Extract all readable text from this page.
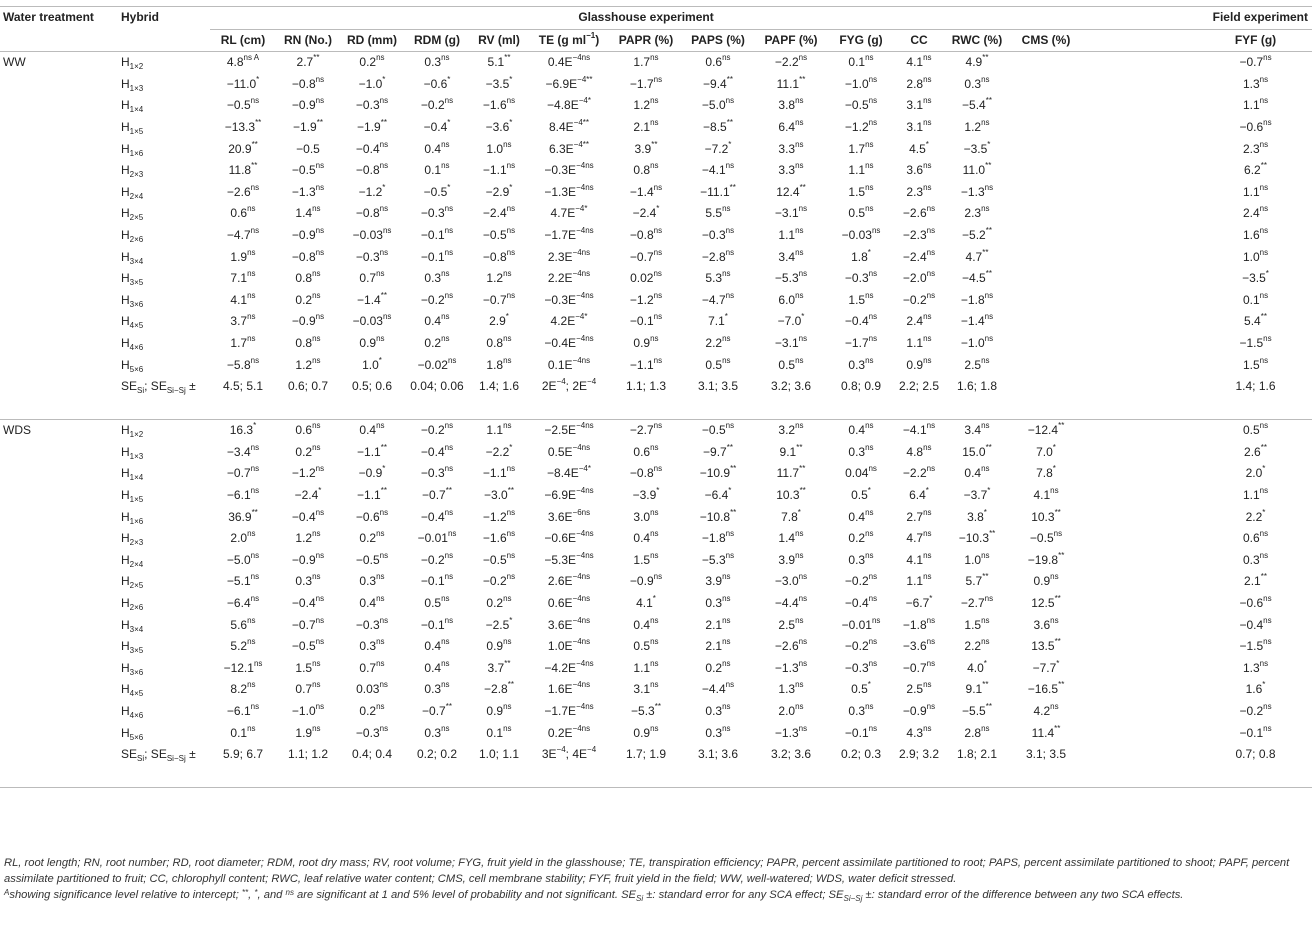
Water treatment	Hybrid	Glasshouse experiment													Field experiment
		RL (cm)	RN (No.)	RD (mm)	RDM (g)	RV (ml)	TE (g $ml^{-1}$)	PAPR (%)	PAPS (%)	PAPF (%)	FYG (g)	CC	RWC (%)	CMS (%)	FYF (g)
WW	$H_{1\times 2}$	$4.8^{ns A}$	2.7**	$0.2^{ns}$	$0.3^{ns}$	5.1**	$0.4E^{-4ns}$	$1.7^{ns}$	$0.6^{ns}$	$-2.2^{ns}$	$0.1^{ns}$	$4.1^{ns}$	4.9**		$-0.7^{ns}$
	$H_{1\times 3}$	−11.0*	$-0.8^{ns}$	−1.0*	−0.6*	−3.5*	$-6.9E^{-4**}$	$-1.7^{ns}$	−9.4**	11.1**	$-1.0^{ns}$	$2.8^{ns}$	$0.3^{ns}$		$1.3^{ns}$
	$H_{1\times 4}$	$-0.5^{ns}$	$-0.9^{ns}$	$-0.3^{ns}$	$-0.2^{ns}$	$-1.6^{ns}$	$-4.8E^{-4*}$	$1.2^{ns}$	$-5.0^{ns}$	$3.8^{ns}$	$-0.5^{ns}$	$3.1^{ns}$	−5.4**		$1.1^{ns}$
	$H_{1\times 5}$	−13.3**	−1.9**	−1.9**	−0.4*	−3.6*	$8.4E^{-4**}$	$2.1^{ns}$	−8.5**	$6.4^{ns}$	$-1.2^{ns}$	$3.1^{ns}$	$1.2^{ns}$		$-0.6^{ns}$
	$H_{1\times 6}$	20.9**	−0.5	$-0.4^{ns}$	$0.4^{ns}$	$1.0^{ns}$	$6.3E^{-4**}$	3.9**	−7.2*	$3.3^{ns}$	$1.7^{ns}$	4.5*	−3.5*		$2.3^{ns}$
	$H_{2\times 3}$	11.8**	$-0.5^{ns}$	$-0.8^{ns}$	$0.1^{ns}$	$-1.1^{ns}$	$-0.3E^{-4ns}$	$0.8^{ns}$	$-4.1^{ns}$	$3.3^{ns}$	$1.1^{ns}$	$3.6^{ns}$	11.0**		6.2**
	$H_{2\times 4}$	$-2.6^{ns}$	$-1.3^{ns}$	−1.2*	−0.5*	−2.9*	$-1.3E^{-4ns}$	$-1.4^{ns}$	−11.1**	12.4**	$1.5^{ns}$	$2.3^{ns}$	$-1.3^{ns}$		$1.1^{ns}$
	$H_{2\times 5}$	$0.6^{ns}$	$1.4^{ns}$	$-0.8^{ns}$	$-0.3^{ns}$	$-2.4^{ns}$	$4.7E^{-4*}$	−2.4*	$5.5^{ns}$	$-3.1^{ns}$	$0.5^{ns}$	$-2.6^{ns}$	$2.3^{ns}$		$2.4^{ns}$
	$H_{2\times 6}$	$-4.7^{ns}$	$-0.9^{ns}$	$-0.03^{ns}$	$-0.1^{ns}$	$-0.5^{ns}$	$-1.7E^{-4ns}$	$-0.8^{ns}$	$-0.3^{ns}$	$1.1^{ns}$	$-0.03^{ns}$	$-2.3^{ns}$	−5.2**		$1.6^{ns}$
	$H_{3\times 4}$	$1.9^{ns}$	$-0.8^{ns}$	$-0.3^{ns}$	$-0.1^{ns}$	$-0.8^{ns}$	$2.3E^{-4ns}$	$-0.7^{ns}$	$-2.8^{ns}$	$3.4^{ns}$	1.8*	$-2.4^{ns}$	4.7**		$1.0^{ns}$
	$H_{3\times 5}$	$7.1^{ns}$	$0.8^{ns}$	$0.7^{ns}$	$0.3^{ns}$	$1.2^{ns}$	$2.2E^{-4ns}$	$0.02^{ns}$	$5.3^{ns}$	$-5.3^{ns}$	$-0.3^{ns}$	$-2.0^{ns}$	−4.5**		−3.5*
	$H_{3\times 6}$	$4.1^{ns}$	$0.2^{ns}$	−1.4**	$-0.2^{ns}$	$-0.7^{ns}$	$-0.3E^{-4ns}$	$-1.2^{ns}$	$-4.7^{ns}$	$6.0^{ns}$	$1.5^{ns}$	$-0.2^{ns}$	$-1.8^{ns}$		$0.1^{ns}$
	$H_{4\times 5}$	$3.7^{ns}$	$-0.9^{ns}$	$-0.03^{ns}$	$0.4^{ns}$	2.9*	$4.2E^{-4*}$	$-0.1^{ns}$	7.1*	−7.0*	$-0.4^{ns}$	$2.4^{ns}$	$-1.4^{ns}$		5.4**
	$H_{4\times 6}$	$1.7^{ns}$	$0.8^{ns}$	$0.9^{ns}$	$0.2^{ns}$	$0.8^{ns}$	$-0.4E^{-4ns}$	$0.9^{ns}$	$2.2^{ns}$	$-3.1^{ns}$	$-1.7^{ns}$	$1.1^{ns}$	$-1.0^{ns}$		$-1.5^{ns}$
	$H_{5\times 6}$	$-5.8^{ns}$	$1.2^{ns}$	1.0*	$-0.02^{ns}$	$1.8^{ns}$	$0.1E^{-4ns}$	$-1.1^{ns}$	$0.5^{ns}$	$0.5^{ns}$	$0.3^{ns}$	$0.9^{ns}$	$2.5^{ns}$		$1.5^{ns}$
	$SE_{Si}$; $SE_{Si-Sj}$ ±	4.5; 5.1	0.6; 0.7	0.5; 0.6	0.04; 0.06	1.4; 1.6	$2E^{-4}$; $2E^{-4}$	1.1; 1.3	3.1; 3.5	3.2; 3.6	0.8; 0.9	2.2; 2.5	1.6; 1.8		1.4; 1.6

WDS	$H_{1\times 2}$	16.3*	$0.6^{ns}$	$0.4^{ns}$	$-0.2^{ns}$	$1.1^{ns}$	$-2.5E^{-4ns}$	$-2.7^{ns}$	$-0.5^{ns}$	$3.2^{ns}$	$0.4^{ns}$	$-4.1^{ns}$	$3.4^{ns}$	−12.4**	$0.5^{ns}$
	$H_{1\times 3}$	$-3.4^{ns}$	$0.2^{ns}$	−1.1**	$-0.4^{ns}$	−2.2*	$0.5E^{-4ns}$	$0.6^{ns}$	−9.7**	9.1**	$0.3^{ns}$	$4.8^{ns}$	15.0**	7.0*	2.6**
	$H_{1\times 4}$	$-0.7^{ns}$	$-1.2^{ns}$	−0.9*	$-0.3^{ns}$	$-1.1^{ns}$	$-8.4E^{-4*}$	$-0.8^{ns}$	−10.9**	11.7**	$0.04^{ns}$	$-2.2^{ns}$	$0.4^{ns}$	7.8*	2.0*
	$H_{1\times 5}$	$-6.1^{ns}$	−2.4*	−1.1**	−0.7**	−3.0**	$-6.9E^{-4ns}$	−3.9*	−6.4*	10.3**	0.5*	6.4*	−3.7*	$4.1^{ns}$	$1.1^{ns}$
	$H_{1\times 6}$	36.9**	$-0.4^{ns}$	$-0.6^{ns}$	$-0.4^{ns}$	$-1.2^{ns}$	$3.6E^{-6ns}$	$3.0^{ns}$	−10.8**	7.8*	$0.4^{ns}$	$2.7^{ns}$	3.8*	10.3**	2.2*
	$H_{2\times 3}$	$2.0^{ns}$	$1.2^{ns}$	$0.2^{ns}$	$-0.01^{ns}$	$-1.6^{ns}$	$-0.6E^{-4ns}$	$0.4^{ns}$	$-1.8^{ns}$	$1.4^{ns}$	$0.2^{ns}$	$4.7^{ns}$	−10.3**	$-0.5^{ns}$	$0.6^{ns}$
	$H_{2\times 4}$	$-5.0^{ns}$	$-0.9^{ns}$	$-0.5^{ns}$	$-0.2^{ns}$	$-0.5^{ns}$	$-5.3E^{-4ns}$	$1.5^{ns}$	$-5.3^{ns}$	$3.9^{ns}$	$0.3^{ns}$	$4.1^{ns}$	$1.0^{ns}$	−19.8**	$0.3^{ns}$
	$H_{2\times 5}$	$-5.1^{ns}$	$0.3^{ns}$	$0.3^{ns}$	$-0.1^{ns}$	$-0.2^{ns}$	$2.6E^{-4ns}$	$-0.9^{ns}$	$3.9^{ns}$	$-3.0^{ns}$	$-0.2^{ns}$	$1.1^{ns}$	5.7**	$0.9^{ns}$	2.1**
	$H_{2\times 6}$	$-6.4^{ns}$	$-0.4^{ns}$	$0.4^{ns}$	$0.5^{ns}$	$0.2^{ns}$	$0.6E^{-4ns}$	4.1*	$0.3^{ns}$	$-4.4^{ns}$	$-0.4^{ns}$	−6.7*	$-2.7^{ns}$	12.5**	$-0.6^{ns}$
	$H_{3\times 4}$	$5.6^{ns}$	$-0.7^{ns}$	$-0.3^{ns}$	$-0.1^{ns}$	−2.5*	$3.6E^{-4ns}$	$0.4^{ns}$	$2.1^{ns}$	$2.5^{ns}$	$-0.01^{ns}$	$-1.8^{ns}$	$1.5^{ns}$	$3.6^{ns}$	$-0.4^{ns}$
	$H_{3\times 5}$	$5.2^{ns}$	$-0.5^{ns}$	$0.3^{ns}$	$0.4^{ns}$	$0.9^{ns}$	$1.0E^{-4ns}$	$0.5^{ns}$	$2.1^{ns}$	$-2.6^{ns}$	$-0.2^{ns}$	$-3.6^{ns}$	$2.2^{ns}$	13.5**	$-1.5^{ns}$
	$H_{3\times 6}$	$-12.1^{ns}$	$1.5^{ns}$	$0.7^{ns}$	$0.4^{ns}$	3.7**	$-4.2E^{-4ns}$	$1.1^{ns}$	$0.2^{ns}$	$-1.3^{ns}$	$-0.3^{ns}$	$-0.7^{ns}$	4.0*	−7.7*	$1.3^{ns}$
	$H_{4\times 5}$	$8.2^{ns}$	$0.7^{ns}$	$0.03^{ns}$	$0.3^{ns}$	−2.8**	$1.6E^{-4ns}$	$3.1^{ns}$	$-4.4^{ns}$	$1.3^{ns}$	0.5*	$2.5^{ns}$	9.1**	−16.5**	1.6*
	$H_{4\times 6}$	$-6.1^{ns}$	$-1.0^{ns}$	$0.2^{ns}$	−0.7**	$0.9^{ns}$	$-1.7E^{-4ns}$	−5.3**	$0.3^{ns}$	$2.0^{ns}$	$0.3^{ns}$	$-0.9^{ns}$	−5.5**	$4.2^{ns}$	$-0.2^{ns}$
	$H_{5\times 6}$	$0.1^{ns}$	$1.9^{ns}$	$-0.3^{ns}$	$0.3^{ns}$	$0.1^{ns}$	$0.2E^{-4ns}$	$0.9^{ns}$	$0.3^{ns}$	$-1.3^{ns}$	$-0.1^{ns}$	$4.3^{ns}$	$2.8^{ns}$	11.4**	$-0.1^{ns}$
	$SE_{Si}$; $SE_{Si-Sj}$ ±	5.9; 6.7	1.1; 1.2	0.4; 0.4	0.2; 0.2	1.0; 1.1	$3E^{-4}$; $4E^{-4}$	1.7; 1.9	3.1; 3.6	3.2; 3.6	0.2; 0.3	2.9; 3.2	1.8; 2.1	3.1; 3.5	0.7; 0.8

RL, root length; RN, root number; RD, root diameter; RDM, root dry mass; RV, root volume; FYG, fruit yield in the glasshouse; TE, transpiration efficiency; PAPR, percent assimilate partitioned to root; PAPS, percent assimilate partitioned to shoot; PAPF, percent assimilate partitioned to fruit; CC, chlorophyll content; RWC, leaf relative water content; CMS, cell membrane stability; FYF, fruit yield in the field; WW, well-watered; WDS, water deficit stressed.

$^A$showing significance level relative to intercept; **, *, and $^{ns}$ are significant at 1 and 5% level of probability and not significant. $SE_{Si}$ ±: standard error for any SCA effect; $SE_{Si-Sj}$ ±: standard error of the difference between any two SCA effects.
